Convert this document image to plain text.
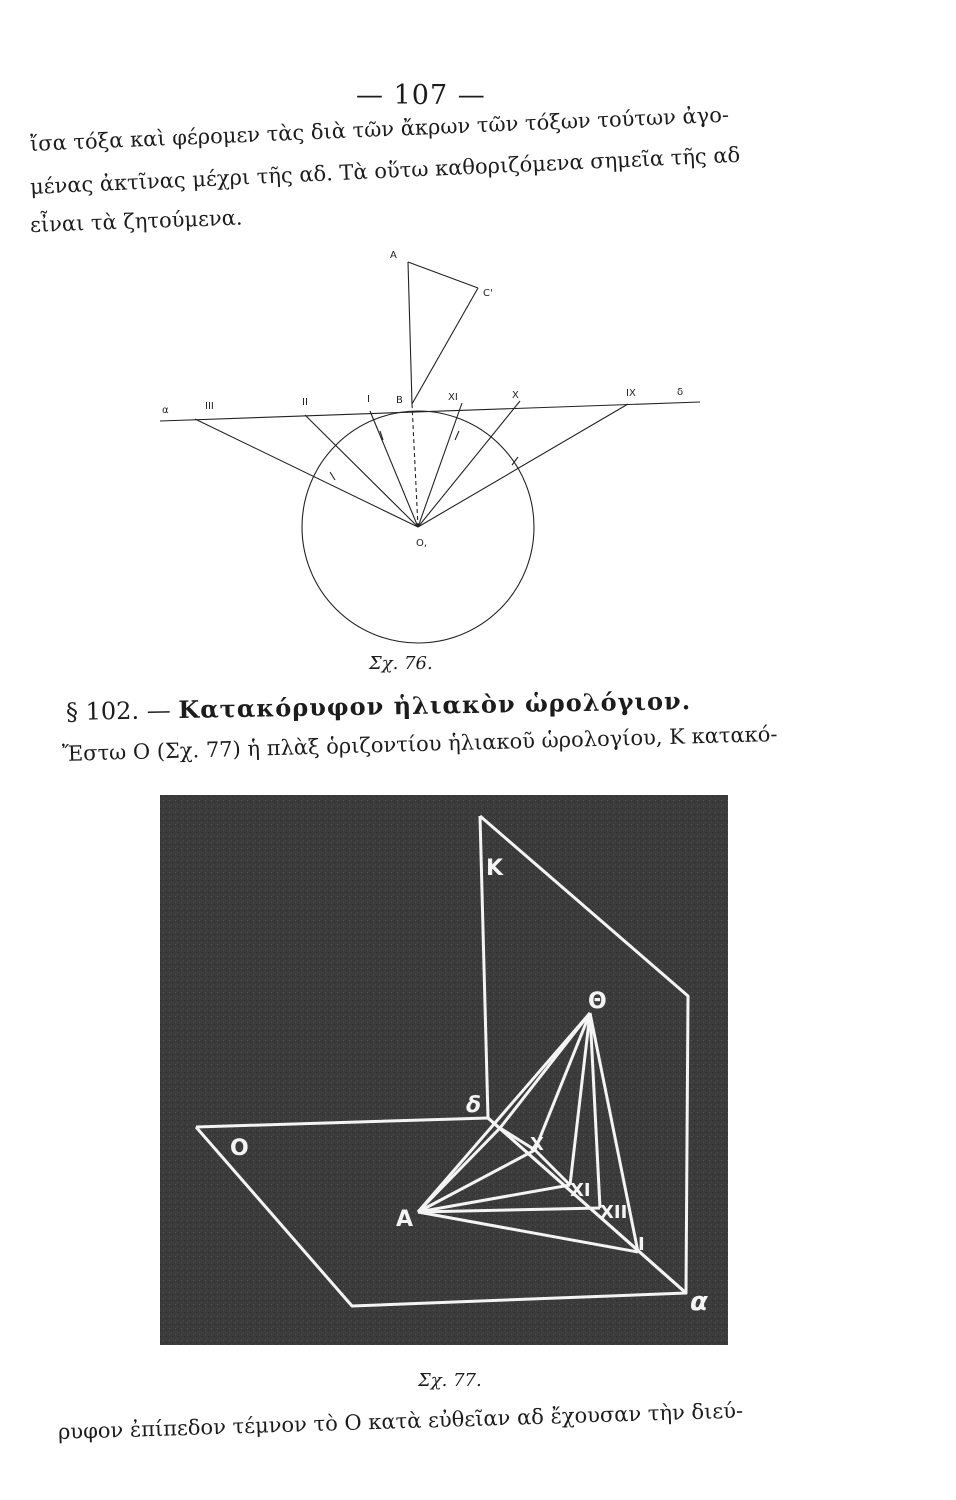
— 107 —
ἴσα τόξα καὶ φέρομεν τὰς διὰ τῶν ἄκρων τῶν τόξων τούτων ἀγο-
μένας ἀκτῖνας μέχρι τῆς αδ. Τὰ οὕτω καθοριζόμενα σημεῖα τῆς αδ
εἶναι τὰ ζητούμενα.
A
C'
α	III	II	I	B	XI	X	IX	δ
O,
Σχ. 76.
§ 102. — Κατακόρυφον ἡλιακὸν ὡρολόγιον.
Ἔστω Ο (Σχ. 77) ἡ πλὰξ ὁριζοντίου ἡλιακοῦ ὡρολογίου, Κ κατακό-
K
Θ
δ
O	X
XI
XII
A
I
α
Σχ. 77.
ρυφον ἐπίπεδον τέμνον τὸ Ο κατὰ εὐθεῖαν αδ ἔχουσαν τὴν διεύ-
